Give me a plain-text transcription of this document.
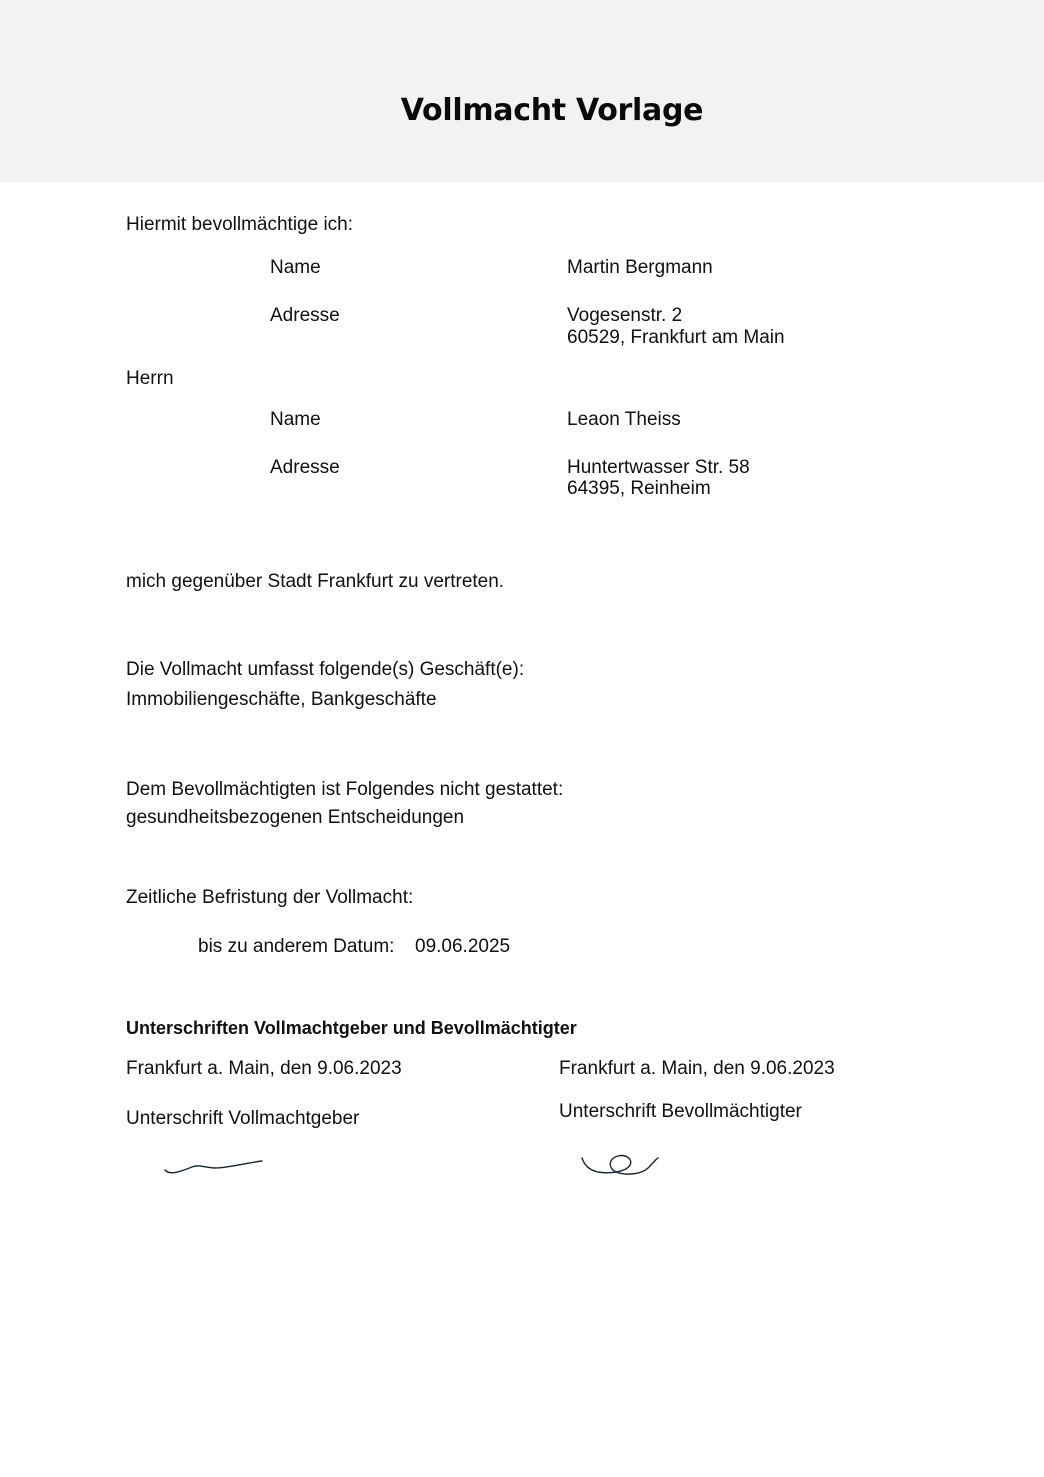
Vollmacht Vorlage
Hiermit bevollmächtige ich:
Name	Martin Bergmann
Adresse	Vogesenstr. 2
60529, Frankfurt am Main
Herrn
Name	Leaon Theiss
Adresse	Huntertwasser Str. 58
64395, Reinheim
mich gegenüber Stadt Frankfurt zu vertreten.
Die Vollmacht umfasst folgende(s) Geschäft(e):
Immobiliengeschäfte, Bankgeschäfte
Dem Bevollmächtigten ist Folgendes nicht gestattet:
gesundheitsbezogenen Entscheidungen
Zeitliche Befristung der Vollmacht:
bis zu anderem Datum: 09.06.2025
Unterschriften Vollmachtgeber und Bevollmächtigter
Frankfurt a. Main, den 9.06.2023	Frankfurt a. Main, den 9.06.2023
Unterschrift Vollmachtgeber	Unterschrift Bevollmächtigter
